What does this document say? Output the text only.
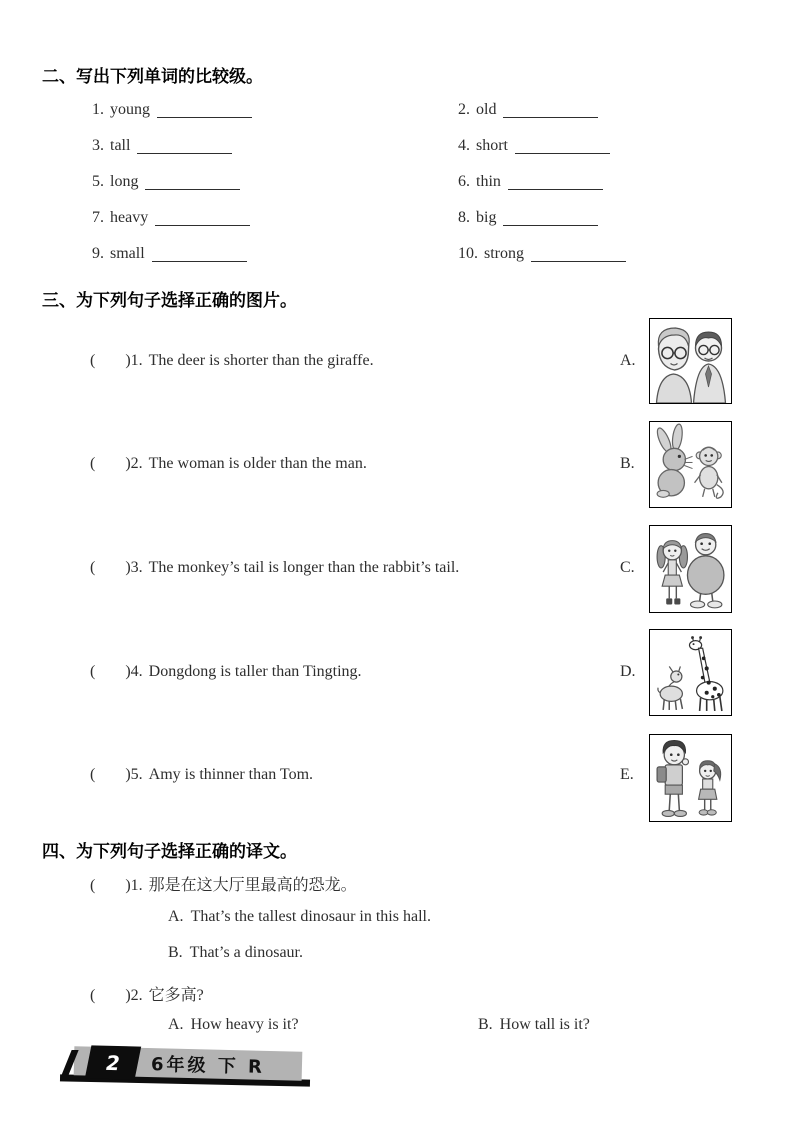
二、写出下列单词的比较级。
1. young	2. old
3. tall	4. short
5. long	6. thin
7. heavy	8. big
9. small	10. strong
三、为下列句子选择正确的图片。
( )1. The deer is shorter than the giraffe.	A.
( )2. The woman is older than the man.	B.
( )3. The monkey’s tail is longer than the rabbit’s tail.	C.
( )4. Dongdong is taller than Tingting.	D.
( )5. Amy is thinner than Tom.	E.
四、为下列句子选择正确的译文。
( )1. 那是在这大厅里最高的恐龙。
A. That’s the tallest dinosaur in this hall.
B. That’s a dinosaur.
( )2. 它多高?
A. How heavy is it?	B. How tall is it?
6年级 下 R
2
